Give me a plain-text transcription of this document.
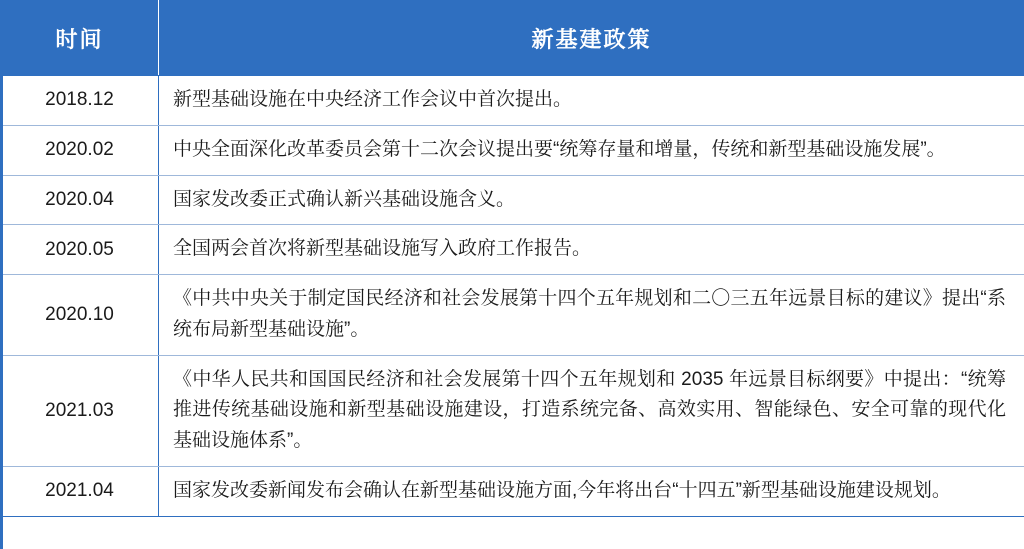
时间	新基建政策
2018.12	新型基础设施在中央经济工作会议中首次提出。
2020.02	中央全面深化改革委员会第十二次会议提出要“统筹存量和增量，传统和新型基础设施发展”。
2020.04	国家发改委正式确认新兴基础设施含义。
2020.05	全国两会首次将新型基础设施写入政府工作报告。
2020.10	《中共中央关于制定国民经济和社会发展第十四个五年规划和二〇三五年远景目标的建议》提出“系统布局新型基础设施”。
2021.03	《中华人民共和国国民经济和社会发展第十四个五年规划和 2035 年远景目标纲要》中提出：“统筹推进传统基础设施和新型基础设施建设，打造系统完备、高效实用、智能绿色、安全可靠的现代化基础设施体系”。
2021.04	国家发改委新闻发布会确认在新型基础设施方面,今年将出台“十四五”新型基础设施建设规划。
